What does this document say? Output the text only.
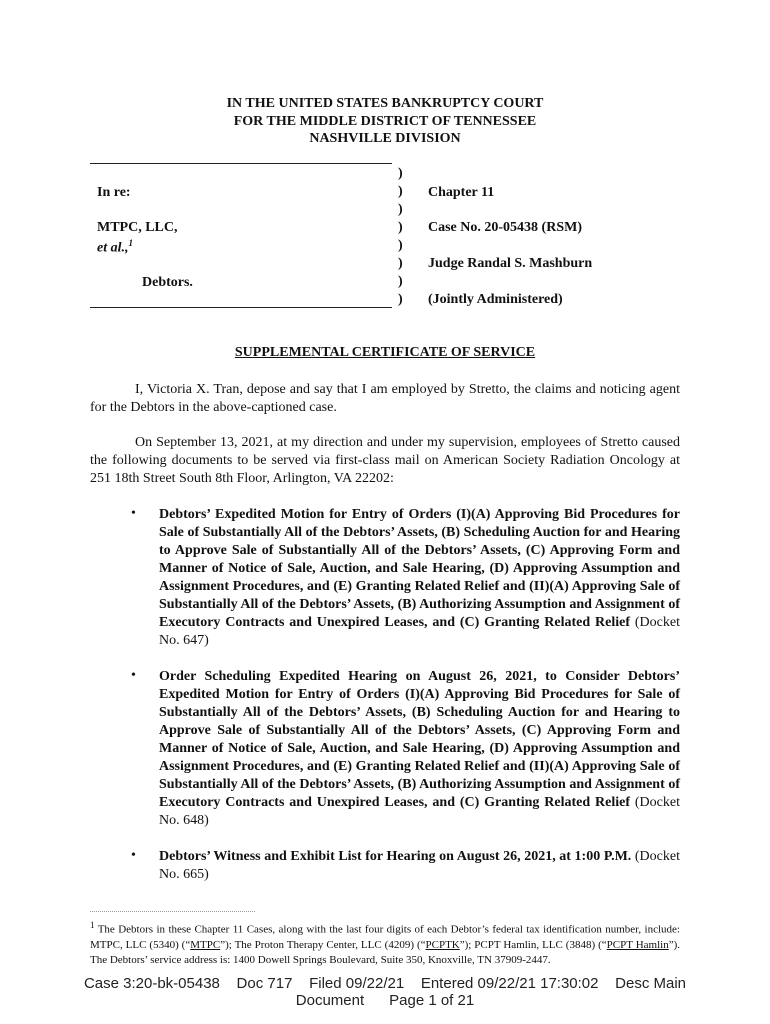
IN THE UNITED STATES BANKRUPTCY COURT
FOR THE MIDDLE DISTRICT OF TENNESSEE
NASHVILLE DIVISION
In re:
MTPC, LLC,
et al.,$^1$
Debtors.
)
)
)
)
)
)
)
)
Chapter 11
Case No. 20-05438 (RSM)
Judge Randal S. Mashburn
(Jointly Administered)
SUPPLEMENTAL CERTIFICATE OF SERVICE
I, Victoria X. Tran, depose and say that I am employed by Stretto, the claims and noticing agent for the Debtors in the above-captioned case.
On September 13, 2021, at my direction and under my supervision, employees of Stretto caused the following documents to be served via first-class mail on American Society Radiation Oncology at 251 18th Street South 8th Floor, Arlington, VA 22202:
• Debtors’ Expedited Motion for Entry of Orders (I)(A) Approving Bid Procedures for Sale of Substantially All of the Debtors’ Assets, (B) Scheduling Auction for and Hearing to Approve Sale of Substantially All of the Debtors’ Assets, (C) Approving Form and Manner of Notice of Sale, Auction, and Sale Hearing, (D) Approving Assumption and Assignment Procedures, and (E) Granting Related Relief and (II)(A) Approving Sale of Substantially All of the Debtors’ Assets, (B) Authorizing Assumption and Assignment of Executory Contracts and Unexpired Leases, and (C) Granting Related Relief (Docket No. 647)
• Order Scheduling Expedited Hearing on August 26, 2021, to Consider Debtors’ Expedited Motion for Entry of Orders (I)(A) Approving Bid Procedures for Sale of Substantially All of the Debtors’ Assets, (B) Scheduling Auction for and Hearing to Approve Sale of Substantially All of the Debtors’ Assets, (C) Approving Form and Manner of Notice of Sale, Auction, and Sale Hearing, (D) Approving Assumption and Assignment Procedures, and (E) Granting Related Relief and (II)(A) Approving Sale of Substantially All of the Debtors’ Assets, (B) Authorizing Assumption and Assignment of Executory Contracts and Unexpired Leases, and (C) Granting Related Relief (Docket No. 648)
• Debtors’ Witness and Exhibit List for Hearing on August 26, 2021, at 1:00 P.M. (Docket No. 665)
$^1$ The Debtors in these Chapter 11 Cases, along with the last four digits of each Debtor’s federal tax identification number, include: MTPC, LLC (5340) (“MTPC”); The Proton Therapy Center, LLC (4209) (“PCPTK”); PCPT Hamlin, LLC (3848) (“PCPT Hamlin”). The Debtors’ service address is: 1400 Dowell Springs Boulevard, Suite 350, Knoxville, TN 37909-2447.
Case 3:20-bk-05438    Doc 717    Filed 09/22/21    Entered 09/22/21 17:30:02    Desc Main
Document      Page 1 of 21
